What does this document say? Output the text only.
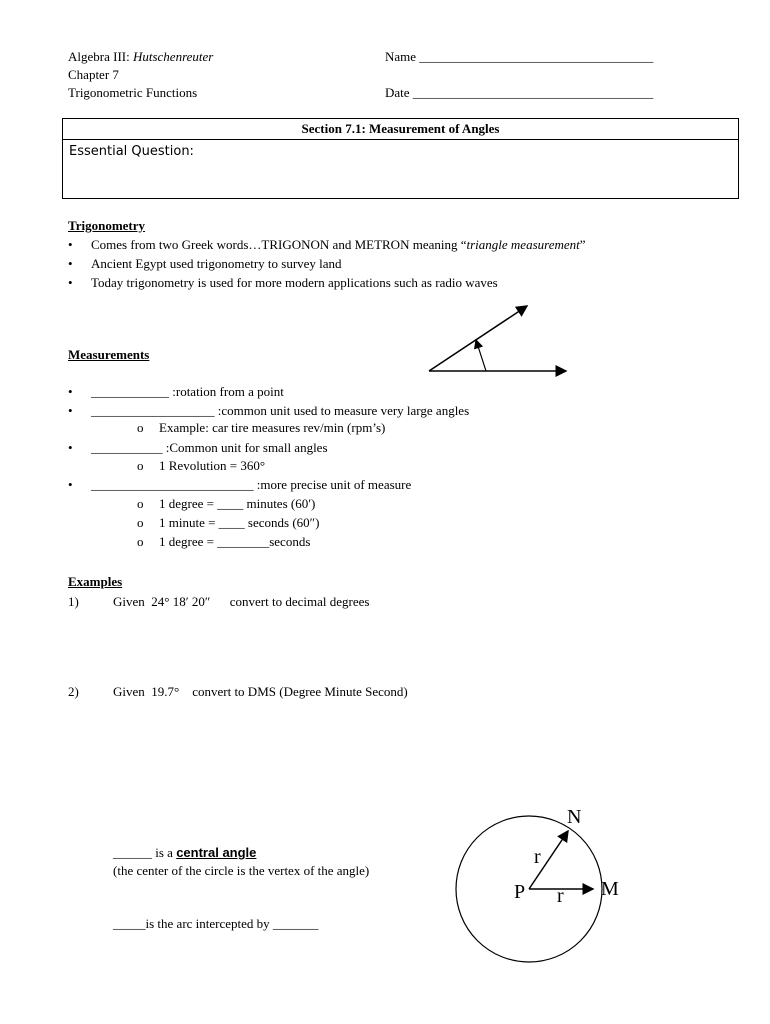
Algebra III: Hutschenreuter
Chapter 7
Trigonometric Functions
Name ____________________________________
Date _____________________________________
Section 7.1: Measurement of Angles
Essential Question:
Trigonometry
• Comes from two Greek words…TRIGONON and METRON meaning “triangle measurement”
• Ancient Egypt used trigonometry to survey land
• Today trigonometry is used for more modern applications such as radio waves
Measurements
• ____________ :rotation from a point
• ___________________ :common unit used to measure very large angles
o Example: car tire measures rev/min (rpm’s)
• ___________ :Common unit for small angles
o 1 Revolution = 360°
• _________________________ :more precise unit of measure
o 1 degree = ____ minutes (60′)
o 1 minute = ____ seconds (60″)
o 1 degree = ________seconds
Examples
1)	Given  24° 18′ 20″      convert to decimal degrees
2)	Given  19.7°    convert to DMS (Degree Minute Second)
______ is a central angle
(the center of the circle is the vertex of the angle)
_____is the arc intercepted by _______
N
r
P r M
